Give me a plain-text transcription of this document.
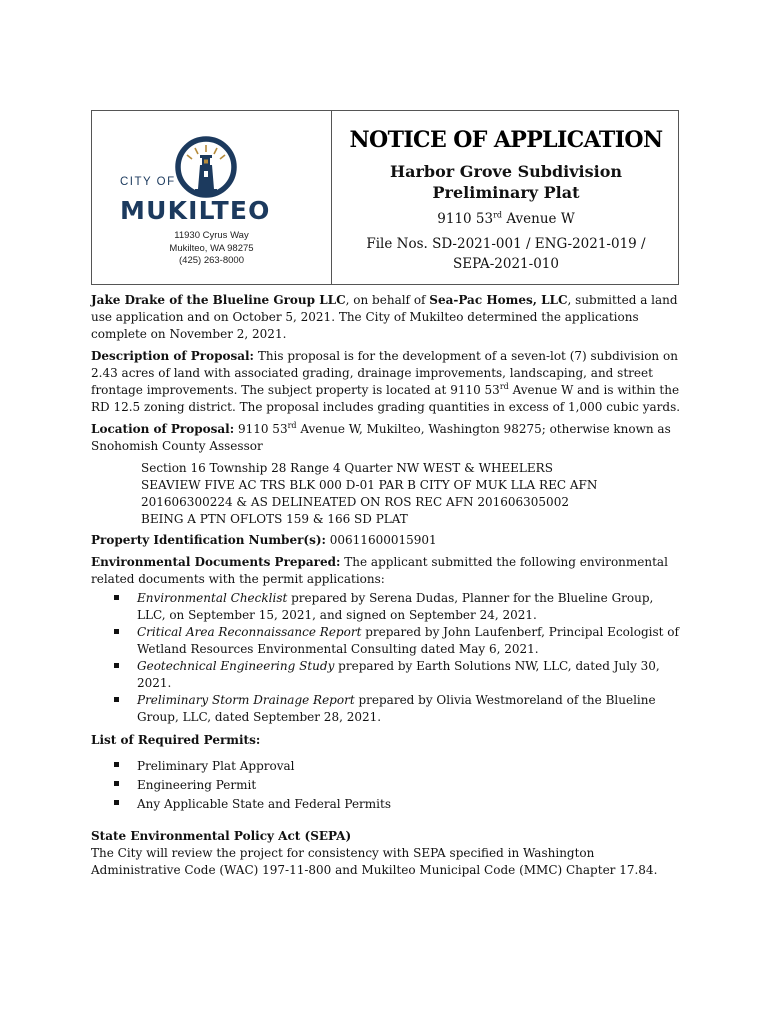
CITY OF
MUKILTEO
11930 Cyrus Way
Mukilteo, WA 98275
(425) 263-8000
NOTICE OF APPLICATION
Harbor Grove Subdivision
Preliminary Plat
9110 53rd Avenue W
File Nos. SD-2021-001 / ENG-2021-019 /
SEPA-2021-010

Jake Drake of the Blueline Group LLC, on behalf of Sea-Pac Homes, LLC, submitted a land use application and on October 5, 2021. The City of Mukilteo determined the applications complete on November 2, 2021.

Description of Proposal: This proposal is for the development of a seven-lot (7) subdivision on 2.43 acres of land with associated grading, drainage improvements, landscaping, and street frontage improvements. The subject property is located at 9110 53rd Avenue W and is within the RD 12.5 zoning district. The proposal includes grading quantities in excess of 1,000 cubic yards.

Location of Proposal: 9110 53rd Avenue W, Mukilteo, Washington 98275; otherwise known as Snohomish County Assessor

Section 16 Township 28 Range 4 Quarter NW WEST & WHEELERS
SEAVIEW FIVE AC TRS BLK 000 D-01 PAR B CITY OF MUK LLA REC AFN
201606300224 & AS DELINEATED ON ROS REC AFN 201606305002
BEING A PTN OFLOTS 159 & 166 SD PLAT

Property Identification Number(s): 00611600015901

Environmental Documents Prepared: The applicant submitted the following environmental related documents with the permit applications:

Environmental Checklist prepared by Serena Dudas, Planner for the Blueline Group, LLC, on September 15, 2021, and signed on September 24, 2021.
Critical Area Reconnaissance Report prepared by John Laufenberf, Principal Ecologist of Wetland Resources Environmental Consulting dated May 6, 2021.
Geotechnical Engineering Study prepared by Earth Solutions NW, LLC, dated July 30, 2021.
Preliminary Storm Drainage Report prepared by Olivia Westmoreland of the Blueline Group, LLC, dated September 28, 2021.

List of Required Permits:

Preliminary Plat Approval
Engineering Permit
Any Applicable State and Federal Permits
State Environmental Policy Act (SEPA)
The City will review the project for consistency with SEPA specified in Washington Administrative Code (WAC) 197-11-800 and Mukilteo Municipal Code (MMC) Chapter 17.84.
